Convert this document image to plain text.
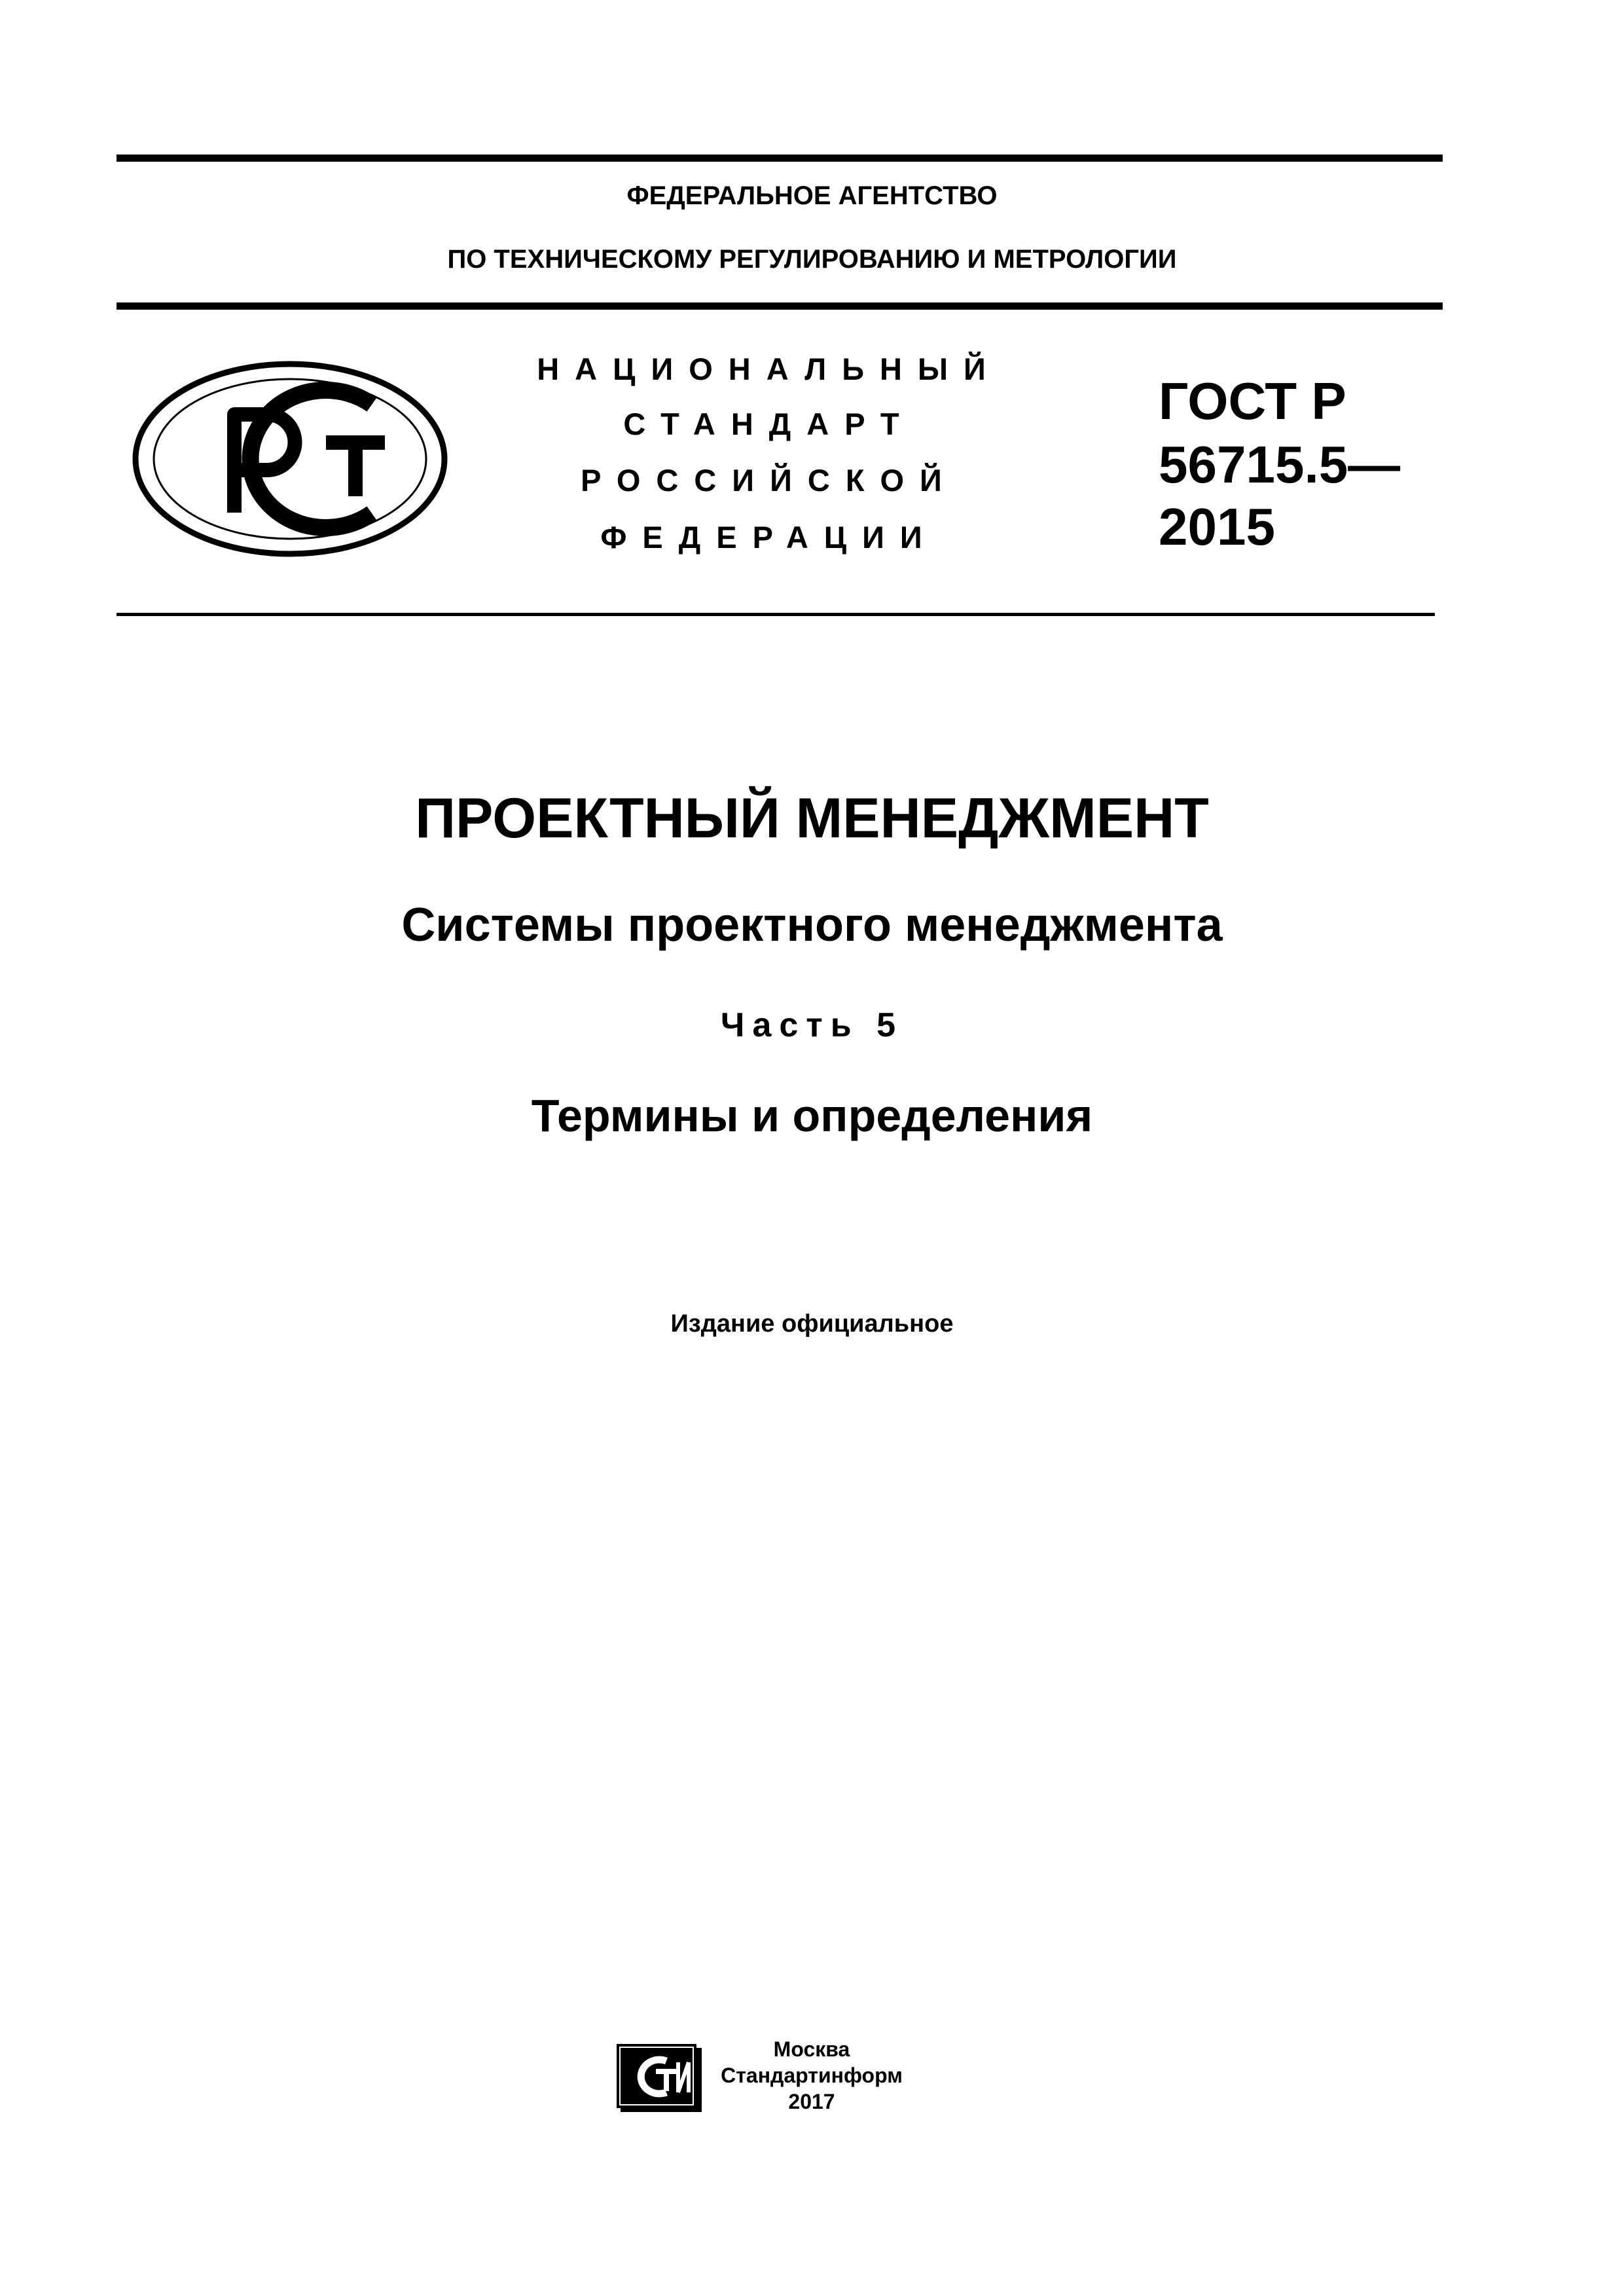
ФЕДЕРАЛЬНОЕ АГЕНТСТВО
ПО ТЕХНИЧЕСКОМУ РЕГУЛИРОВАНИЮ И МЕТРОЛОГИИ
НАЦИОНАЛЬНЫЙ
СТАНДАРТ
РОССИЙСКОЙ
ФЕДЕРАЦИИ
ГОСТ Р
56715.5—
2015
ПРОЕКТНЫЙ МЕНЕДЖМЕНТ
Системы проектного менеджмента
Часть 5
Термины и определения
Издание официальное
Москва
Стандартинформ
2017
